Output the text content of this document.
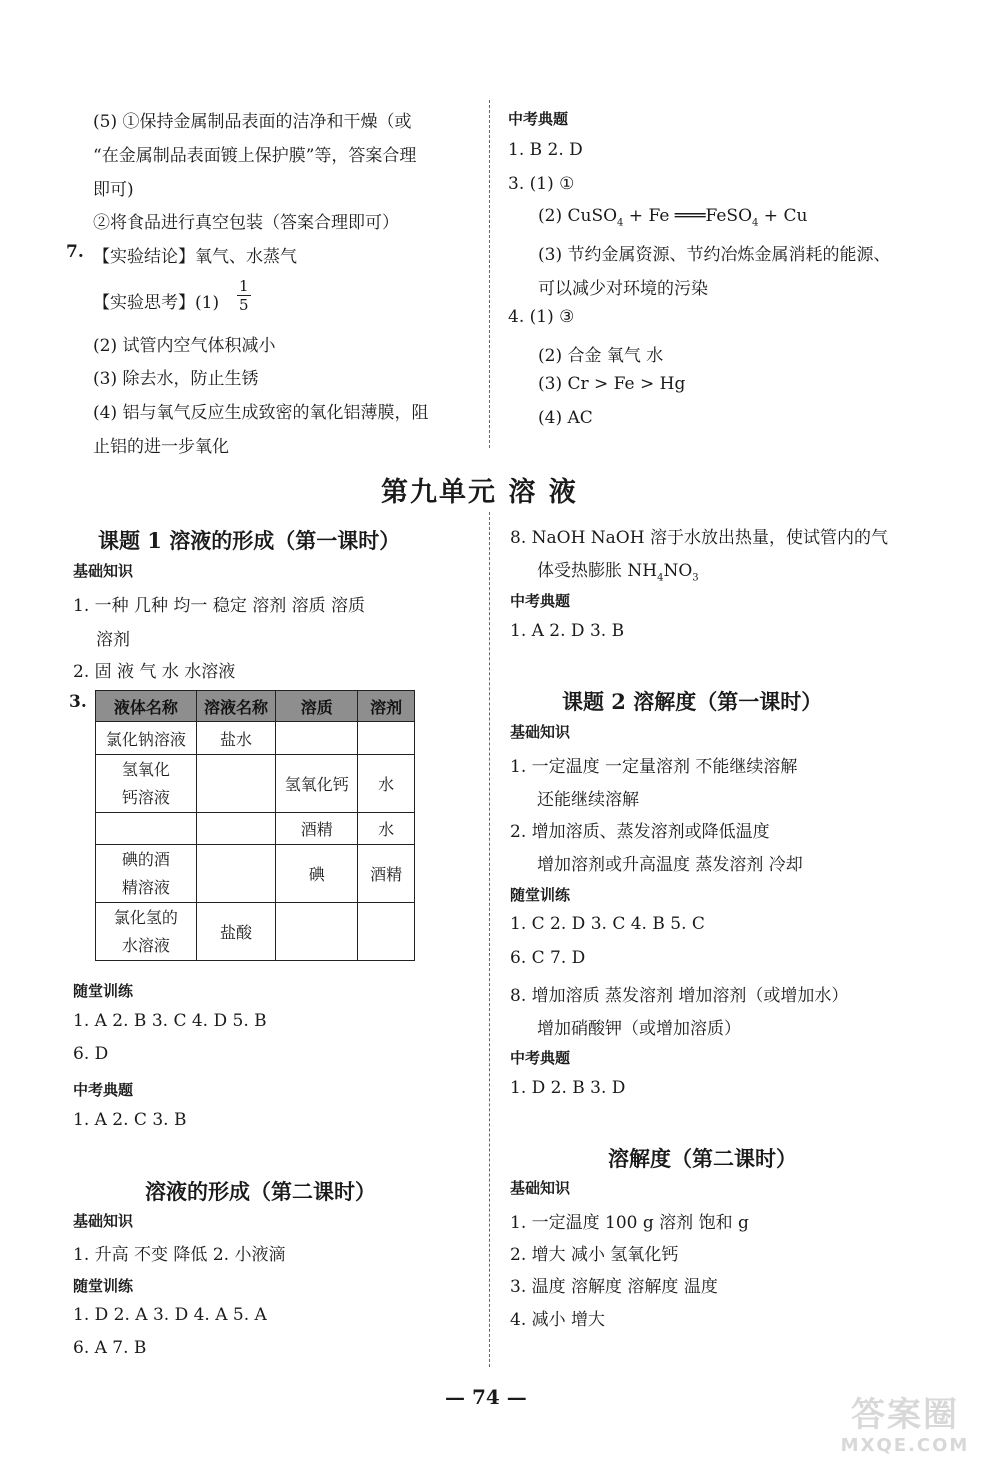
(5) ①保持金属制品表面的洁净和干燥（或
“在金属制品表面镀上保护膜”等，答案合理
即可)
②将食品进行真空包装（答案合理即可）
7. 【实验结论】氧气、水蒸气
【实验思考】$(1) \frac{1}{5}$
(2) 试管内空气体积减小
(3) 除去水，防止生锈
(4) 铝与氧气反应生成致密的氧化铝薄膜，阻
止铝的进一步氧化
中考典题
1. B 2. D
3. (1) ①
(2) CuSO$_4$ + Fe ═══FeSO$_4$ + Cu
(3) 节约金属资源、节约冶炼金属消耗的能源、
可以减少对环境的污染
4. (1) ③
(2) 合金 氧气 水
(3) Cr > Fe > Hg
(4) AC
第九单元 溶 液
课题 1 溶液的形成（第一课时）
基础知识
1. 一种 几种 均一 稳定 溶剂 溶质 溶质
溶剂
2. 固 液 气 水 水溶液
3. 液体名称	溶液名称	溶质	溶剂
氯化钠溶液	盐水		
氢氧化
钙溶液		氢氧化钙	水
		酒精	水
碘的酒
精溶液		碘	酒精
氯化氢的
水溶液	盐酸		
随堂训练
1. A 2. B 3. C 4. D 5. B
6. D
中考典题
1. A 2. C 3. B
溶液的形成（第二课时）
基础知识
1. 升高 不变 降低 2. 小液滴
随堂训练
1. D 2. A 3. D 4. A 5. A
6. A 7. B
8. NaOH NaOH 溶于水放出热量，使试管内的气
体受热膨胀 $NH_4NO_3$
中考典题
1. A 2. D 3. B
课题 2 溶解度（第一课时）
基础知识
1. 一定温度 一定量溶剂 不能继续溶解
还能继续溶解
2. 增加溶质、蒸发溶剂或降低温度
增加溶剂或升高温度 蒸发溶剂 冷却
随堂训练
1. C 2. D 3. C 4. B 5. C
6. C 7. D
8. 增加溶质 蒸发溶剂 增加溶剂（或增加水）
增加硝酸钾（或增加溶质）
中考典题
1. D 2. B 3. D
溶解度（第二课时）
基础知识
1. 一定温度 100 g 溶剂 饱和 g
2. 增大 减小 氢氧化钙
3. 温度 溶解度 溶解度 温度
4. 减小 增大
— 74 —	答案圈
MXQE.COM
